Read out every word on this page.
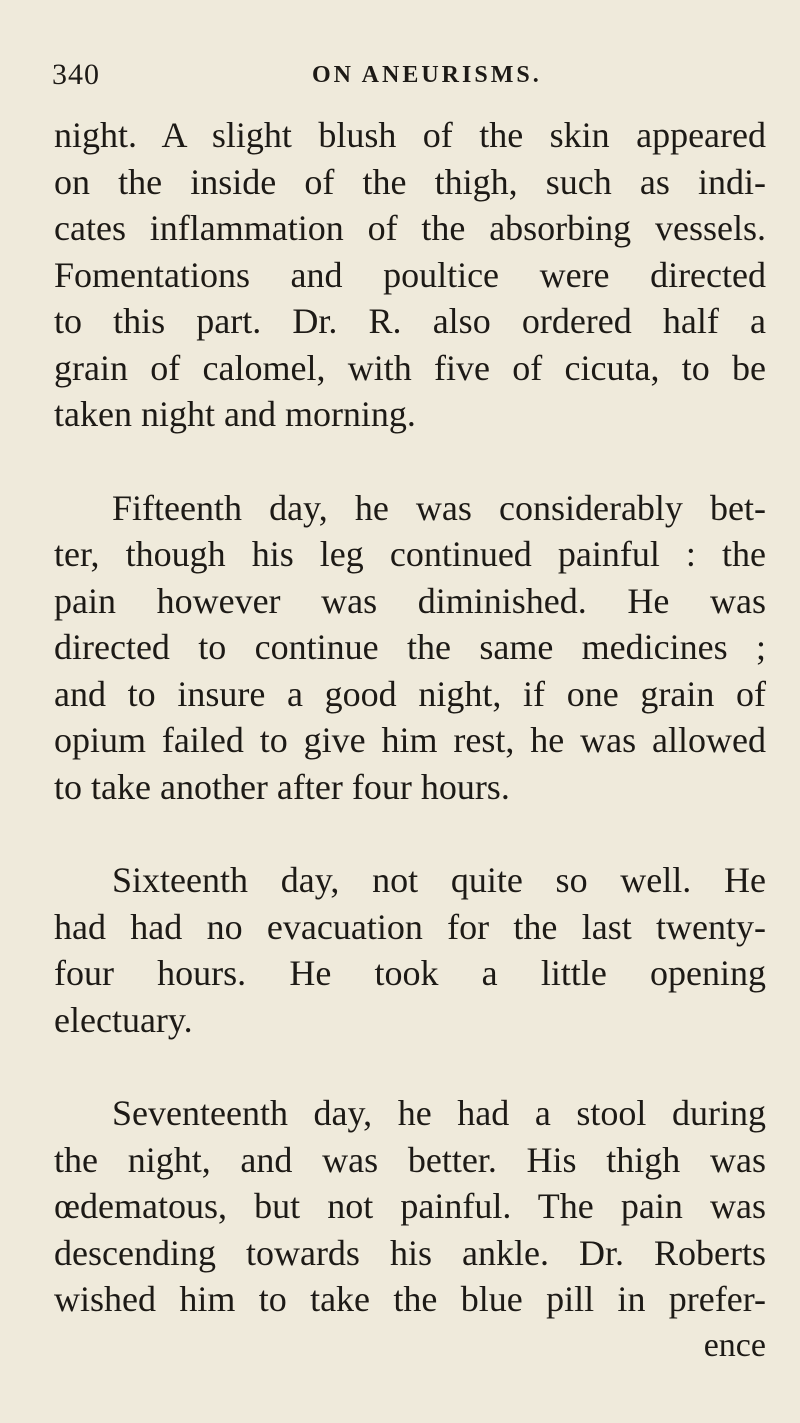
340	ON ANEURISMS.
night. A slight blush of the skin appeared
on the inside of the thigh, such as indi-
cates inflammation of the absorbing vessels.
Fomentations and poultice were directed
to this part. Dr. R. also ordered half a
grain of calomel, with five of cicuta, to be
taken night and morning.
Fifteenth day, he was considerably bet-
ter, though his leg continued painful : the
pain however was diminished. He was
directed to continue the same medicines ;
and to insure a good night, if one grain of
opium failed to give him rest, he was allowed
to take another after four hours.
Sixteenth day, not quite so well. He
had had no evacuation for the last twenty-
four hours. He took a little opening
electuary.
Seventeenth day, he had a stool during
the night, and was better. His thigh was
œdematous, but not painful. The pain was
descending towards his ankle. Dr. Roberts
wished him to take the blue pill in prefer-
ence
